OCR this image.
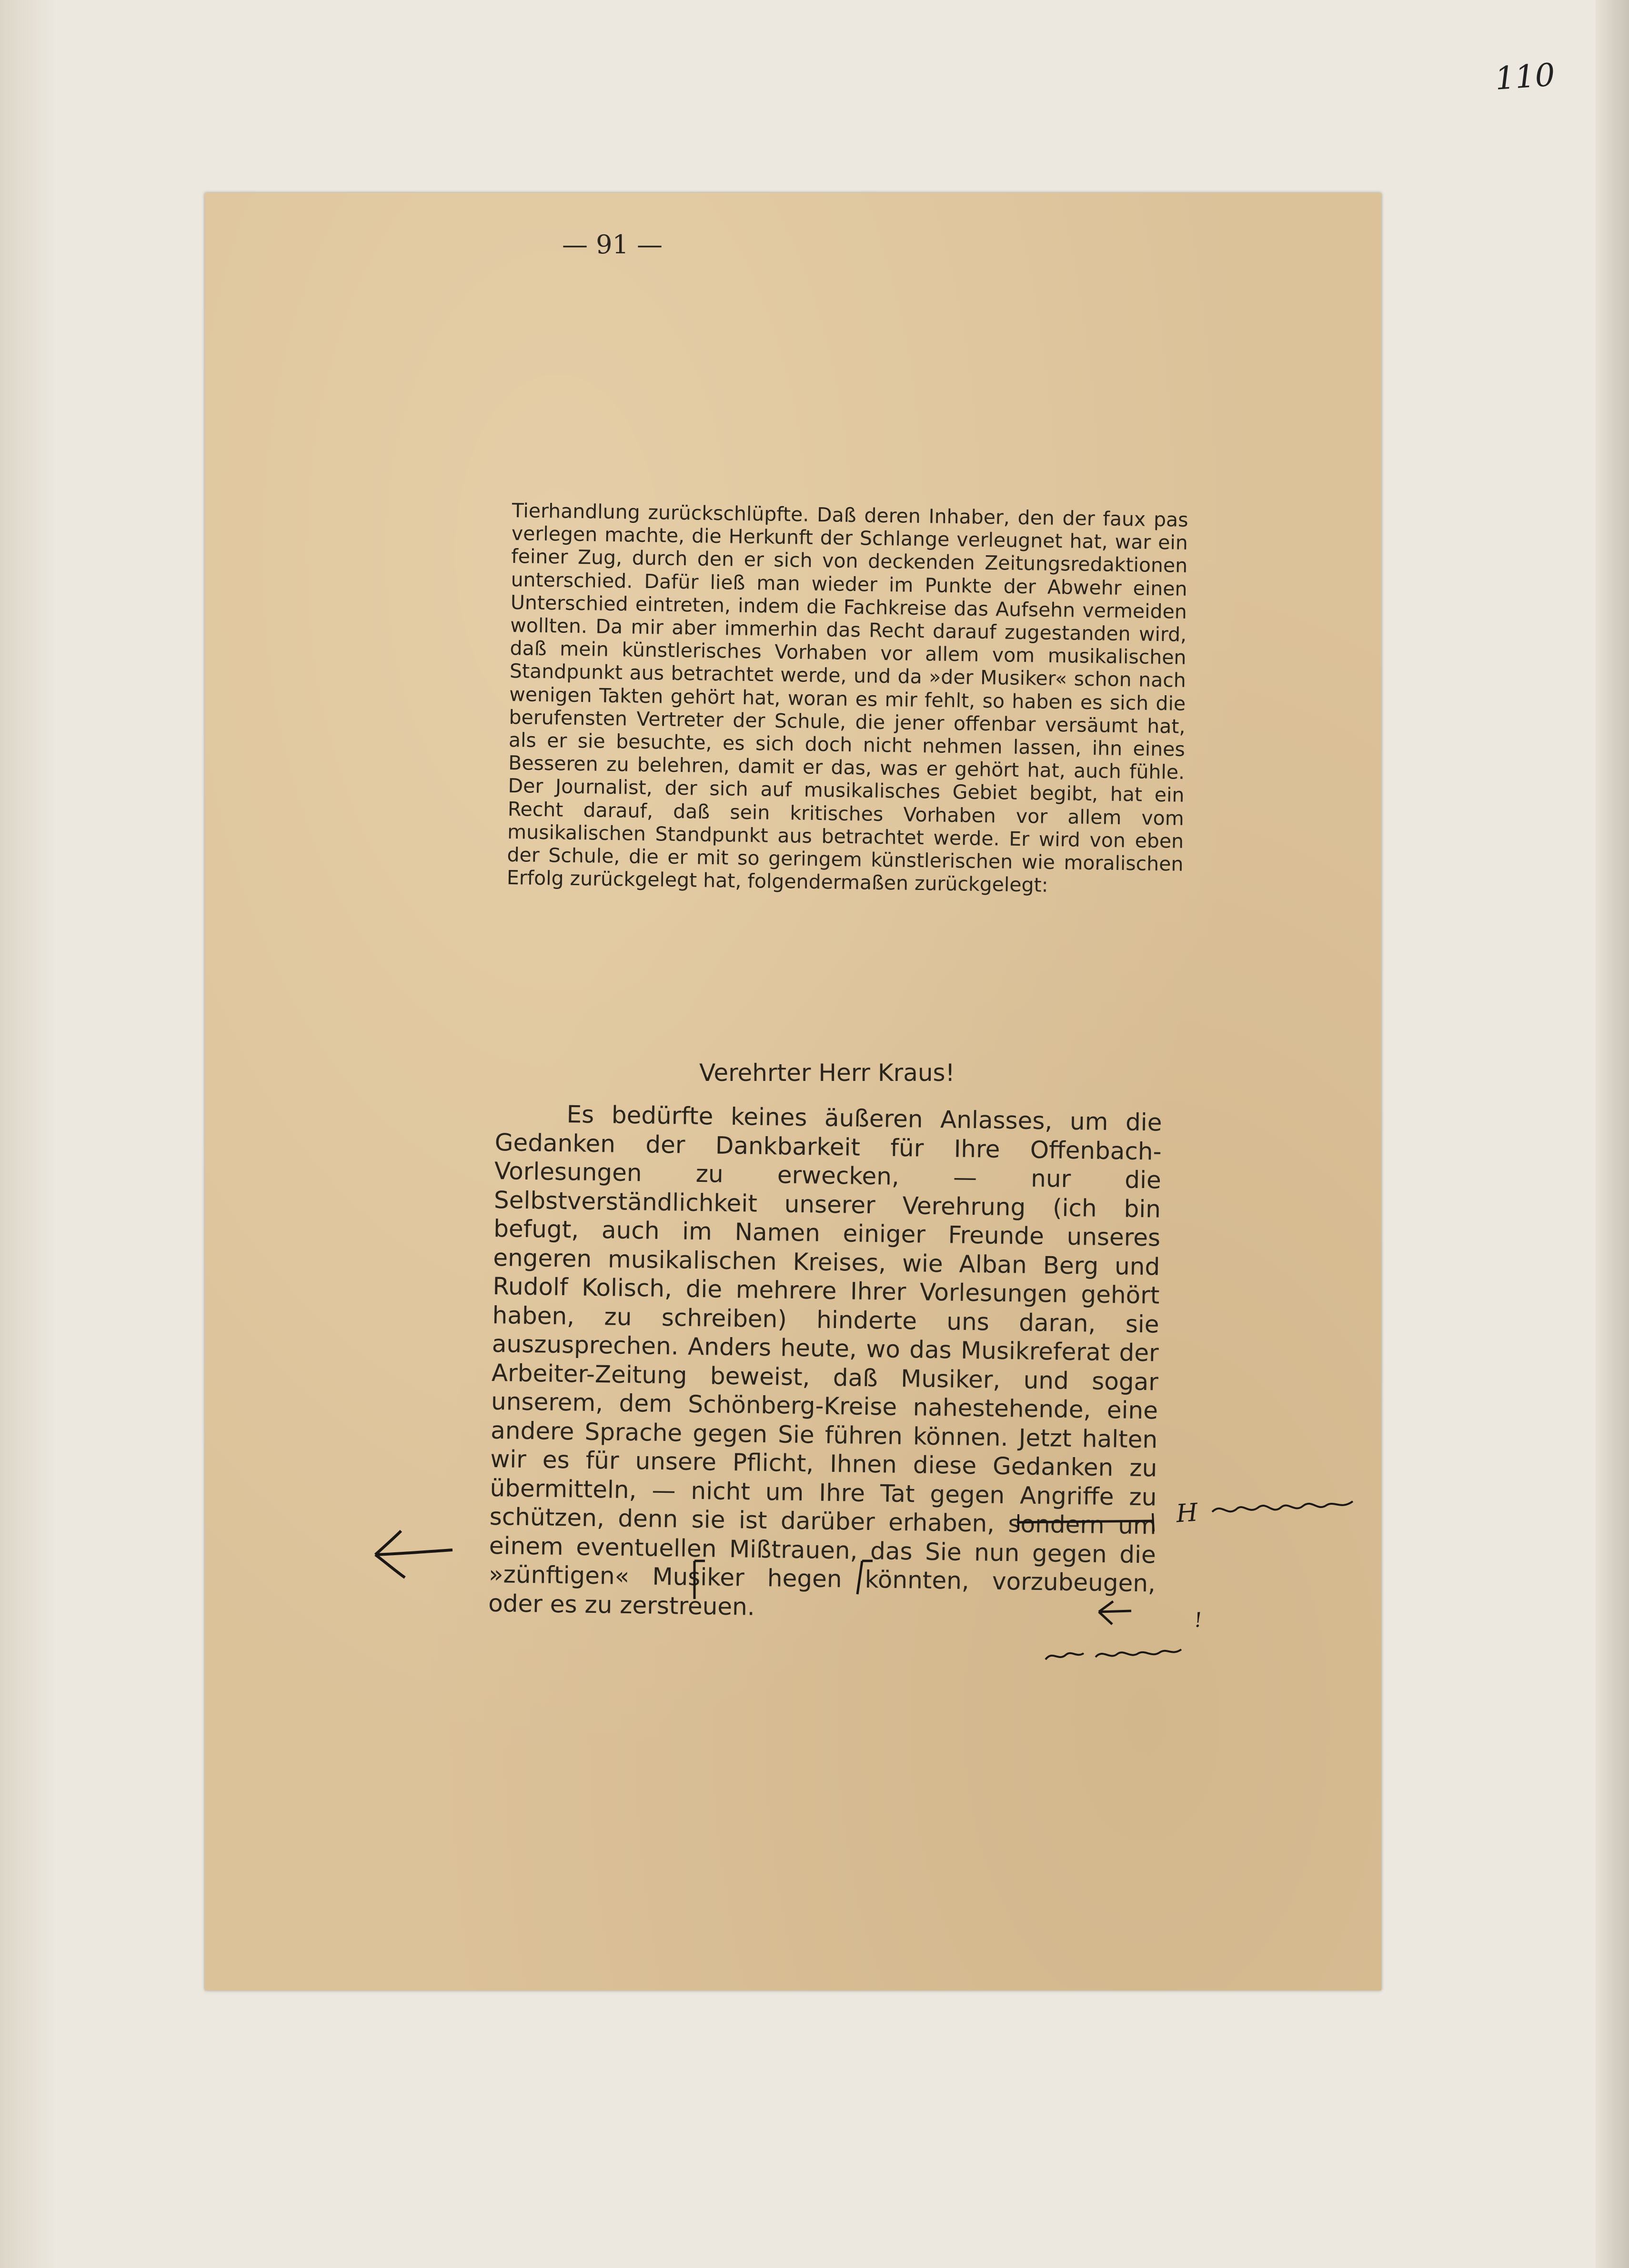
110
— 91 —

Tierhandlung zurückschlüpfte. Daß deren Inhaber, den der faux pas verlegen machte, die Herkunft der Schlange verleugnet hat, war ein feiner Zug, durch den er sich von deckenden Zeitungsredaktionen unterschied. Dafür ließ man wieder im Punkte der Abwehr einen Unterschied eintreten, indem die Fachkreise das Aufsehn vermeiden wollten. Da mir aber immerhin das Recht darauf zugestanden wird, daß mein künstlerisches Vorhaben vor allem vom musikalischen Standpunkt aus betrachtet werde, und da »der Musiker« schon nach wenigen Takten gehört hat, woran es mir fehlt, so haben es sich die berufensten Vertreter der Schule, die jener offenbar versäumt hat, als er sie besuchte, es sich doch nicht nehmen lassen, ihn eines Besseren zu belehren, damit er das, was er gehört hat, auch fühle. Der Journalist, der sich auf musikalisches Gebiet begibt, hat ein Recht darauf, daß sein kritisches Vorhaben vor allem vom musikalischen Standpunkt aus betrachtet werde. Er wird von eben der Schule, die er mit so geringem künstlerischen wie moralischen Erfolg zurückgelegt hat, folgendermaßen zurückgelegt:

Verehrter Herr Kraus!

Es bedürfte keines äußeren Anlasses, um die Gedanken der Dankbarkeit für Ihre Offenbach-Vorlesungen zu erwecken, — nur die Selbstverständlichkeit unserer Verehrung (ich bin befugt, auch im Namen einiger Freunde unseres engeren musikalischen Kreises, wie Alban Berg und Rudolf Kolisch, die mehrere Ihrer Vorlesungen gehört haben, zu schreiben) hinderte uns daran, sie auszusprechen. Anders heute, wo das Musikreferat der Arbeiter-Zeitung beweist, daß Musiker, und sogar unserem, dem Schönberg-Kreise nahestehende, eine andere Sprache gegen Sie führen können. Jetzt halten wir es für unsere Pflicht, Ihnen diese Gedanken zu übermitteln, — nicht um Ihre Tat gegen Angriffe zu schützen, denn sie ist darüber erhaben, sondern um einem eventuellen Mißtrauen, das Sie nun gegen die »zünftigen« Musiker hegen könnten, vorzubeugen, oder es zu zerstreuen.

H
!
